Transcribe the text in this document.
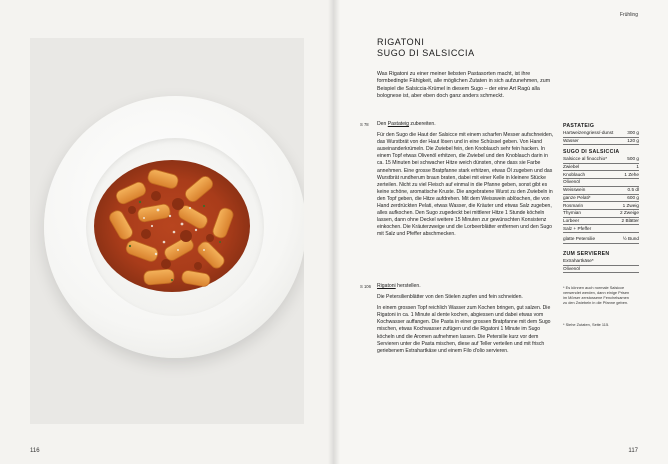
116
Frühling
117
RIGATONI
SUGO DI SALSICCIA

Was Rigatoni zu einer meiner liebsten Pastasorten macht, ist ihre formbedingte Fähigkeit, alle möglichen Zutaten in sich aufzunehmen, zum Beispiel die Salsiccia-Krümel in diesem Sugo – der eine Art Ragù alla bolognese ist, aber eben doch ganz anders schmeckt.

S 78 Den Pastateig zubereiten.

Für den Sugo die Haut der Salsicce mit einem scharfen Messer aufschneiden, das Wurstbrät von der Haut lösen und in eine Schüssel geben. Von Hand auseinanderkrümeln. Die Zwiebel fein, den Knoblauch sehr fein hacken. In einem Topf etwas Olivenöl erhitzen, die Zwiebel und den Knoblauch darin in ca. 15 Minuten bei schwacher Hitze weich dünsten, ohne dass sie Farbe annehmen. Eine grosse Bratpfanne stark erhitzen, etwas Öl zugeben und das Wurstbrät rundherum braun braten, dabei mit einer Kelle in kleinere Stücke zerteilen. Nicht zu viel Fleisch auf einmal in die Pfanne geben, sonst gibt es keine schöne, aromatische Kruste. Die angebratene Wurst zu den Zwiebeln in den Topf geben, die Hitze aufdrehen. Mit dem Weisswein ablöschen, die von Hand zerdrückten Pelati, etwas Wasser, die Kräuter und etwas Salz zugeben, alles aufkochen. Den Sugo zugedeckt bei mittlerer Hitze 1 Stunde köcheln lassen, dann ohne Deckel weitere 15 Minuten zur gewünschten Konsistenz einkochen. Die Kräuterzweige und die Lorbeerblätter entfernen und den Sugo mit Salz und Pfeffer abschmecken.

S 106 Rigatoni herstellen.

Die Petersilienblätter von den Stielen zupfen und fein schneiden.

In einem grossen Topf reichlich Wasser zum Kochen bringen, gut salzen. Die Rigatoni in ca. 1 Minute al dente kochen, abgiessen und dabei etwas vom Kochwasser auffangen. Die Pasta in einer grossen Bratpfanne mit dem Sugo mischen, etwas Kochwasser zufügen und die Rigatoni 1 Minute im Sugo köcheln und die Aromen aufnehmen lassen. Die Petersilie kurz vor dem Servieren unter die Pasta mischen, diese auf Teller verteilen und mit frisch geriebenem Extrahartkäse und einem Filo d'olio servieren.

PASTATEIG
Hartweizengriess/-dunst	300 g
Wasser	120 g
SUGO DI SALSICCIA
Salsicce al finocchio*	500 g
Zwiebel	1
Knoblauch	1 Zehe
Olivenöl
Weisswein	0.5 dl
ganze Pelati*	600 g
Rosmarin	1 Zweig
Thymian	2 Zweige
Lorbeer	2 Blätter
Salz + Pfeffer
glatte Petersilie	½ Bund
ZUM SERVIEREN
Extrahartkäse*
Olivenöl

* Es können auch normale Salsicce verwendet werden, dann einige Prisen im Mörser zerstossene Fenchelsamen zu den Zwiebeln in die Pfanne geben.

* Siehe Zutaten, Seite 115.
